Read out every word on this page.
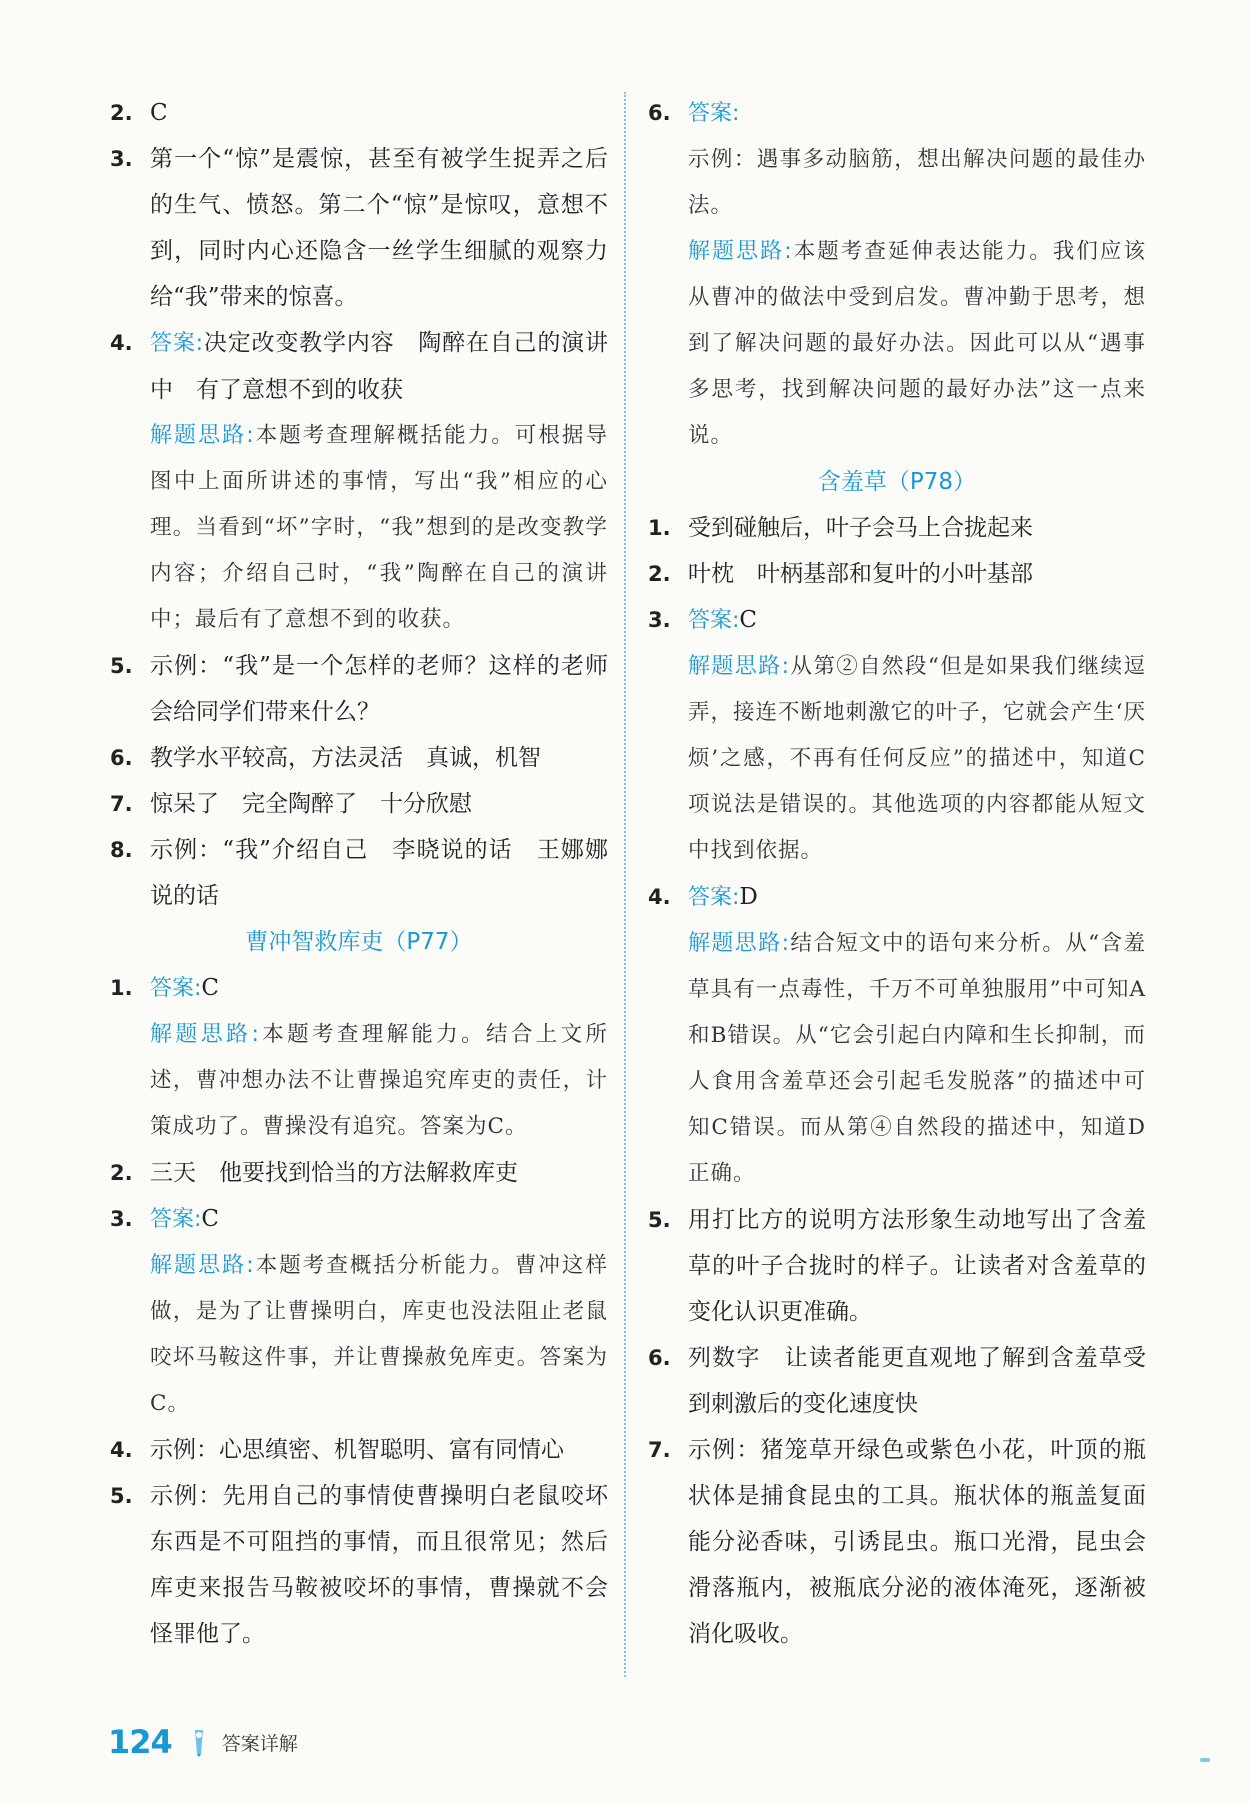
2. C
3. 第一个“惊”是震惊，甚至有被学生捉弄之后的生气、愤怒。第二个“惊”是惊叹，意想不到，同时内心还隐含一丝学生细腻的观察力给“我”带来的惊喜。
4. 答案:决定改变教学内容　陶醉在自己的演讲中　有了意想不到的收获
解题思路:本题考查理解概括能力。可根据导图中上面所讲述的事情，写出“我”相应的心理。当看到“坏”字时，“我”想到的是改变教学内容；介绍自己时，“我”陶醉在自己的演讲中；最后有了意想不到的收获。
5. 示例：“我”是一个怎样的老师？这样的老师会给同学们带来什么？
6. 教学水平较高，方法灵活　真诚，机智
7. 惊呆了　完全陶醉了　十分欣慰
8. 示例：“我”介绍自己　李晓说的话　王娜娜说的话
曹冲智救库吏（P77）
1. 答案:C
解题思路:本题考查理解能力。结合上文所述，曹冲想办法不让曹操追究库吏的责任，计策成功了。曹操没有追究。答案为C。
2. 三天　他要找到恰当的方法解救库吏
3. 答案:C
解题思路:本题考查概括分析能力。曹冲这样做，是为了让曹操明白，库吏也没法阻止老鼠咬坏马鞍这件事，并让曹操赦免库吏。答案为C。
4. 示例：心思缜密、机智聪明、富有同情心
5. 示例：先用自己的事情使曹操明白老鼠咬坏东西是不可阻挡的事情，而且很常见；然后库吏来报告马鞍被咬坏的事情，曹操就不会怪罪他了。
6. 答案:
示例：遇事多动脑筋，想出解决问题的最佳办法。
解题思路:本题考查延伸表达能力。我们应该从曹冲的做法中受到启发。曹冲勤于思考，想到了解决问题的最好办法。因此可以从“遇事多思考，找到解决问题的最好办法”这一点来说。
含羞草（P78）
1. 受到碰触后，叶子会马上合拢起来
2. 叶枕　叶柄基部和复叶的小叶基部
3. 答案:C
解题思路:从第②自然段“但是如果我们继续逗弄，接连不断地刺激它的叶子，它就会产生‘厌烦’之感，不再有任何反应”的描述中，知道C项说法是错误的。其他选项的内容都能从短文中找到依据。
4. 答案:D
解题思路:结合短文中的语句来分析。从“含羞草具有一点毒性，千万不可单独服用”中可知A和B错误。从“它会引起白内障和生长抑制，而人食用含羞草还会引起毛发脱落”的描述中可知C错误。而从第④自然段的描述中，知道D正确。
5. 用打比方的说明方法形象生动地写出了含羞草的叶子合拢时的样子。让读者对含羞草的变化认识更准确。
6. 列数字　让读者能更直观地了解到含羞草受到刺激后的变化速度快
7. 示例：猪笼草开绿色或紫色小花，叶顶的瓶状体是捕食昆虫的工具。瓶状体的瓶盖复面能分泌香味，引诱昆虫。瓶口光滑，昆虫会滑落瓶内，被瓶底分泌的液体淹死，逐渐被消化吸收。
124	答案详解
